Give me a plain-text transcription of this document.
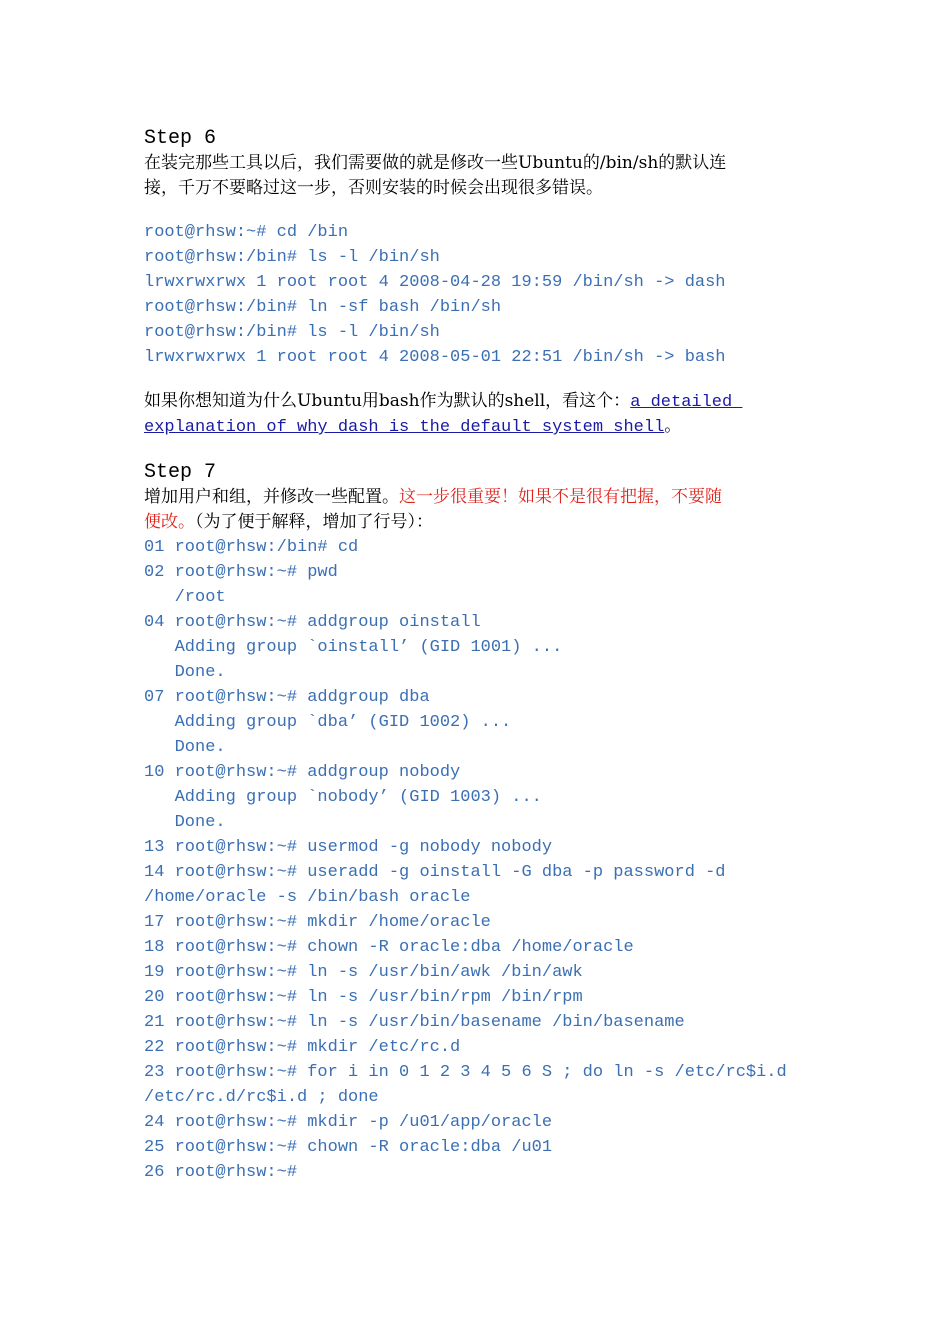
Step 6
在装完那些工具以后，我们需要做的就是修改一些Ubuntu的/bin/sh的默认连
接，千万不要略过这一步，否则安装的时候会出现很多错误。
root@rhsw:~# cd /bin
root@rhsw:/bin# ls -l /bin/sh
lrwxrwxrwx 1 root root 4 2008-04-28 19:59 /bin/sh -> dash
root@rhsw:/bin# ln -sf bash /bin/sh
root@rhsw:/bin# ls -l /bin/sh
lrwxrwxrwx 1 root root 4 2008-05-01 22:51 /bin/sh -> bash
如果你想知道为什么Ubuntu用bash作为默认的shell，看这个：a detailed
explanation of why dash is the default system shell。
Step 7
增加用户和组，并修改一些配置。这一步很重要！如果不是很有把握，不要随
便改。（为了便于解释，增加了行号）：
01 root@rhsw:/bin# cd
02 root@rhsw:~# pwd
/root
04 root@rhsw:~# addgroup oinstall
Adding group `oinstall’ (GID 1001) ...
Done.
07 root@rhsw:~# addgroup dba
Adding group `dba’ (GID 1002) ...
Done.
10 root@rhsw:~# addgroup nobody
Adding group `nobody’ (GID 1003) ...
Done.
13 root@rhsw:~# usermod -g nobody nobody
14 root@rhsw:~# useradd -g oinstall -G dba -p password -d
/home/oracle -s /bin/bash oracle
17 root@rhsw:~# mkdir /home/oracle
18 root@rhsw:~# chown -R oracle:dba /home/oracle
19 root@rhsw:~# ln -s /usr/bin/awk /bin/awk
20 root@rhsw:~# ln -s /usr/bin/rpm /bin/rpm
21 root@rhsw:~# ln -s /usr/bin/basename /bin/basename
22 root@rhsw:~# mkdir /etc/rc.d
23 root@rhsw:~# for i in 0 1 2 3 4 5 6 S ; do ln -s /etc/rc$i.d
/etc/rc.d/rc$i.d ; done
24 root@rhsw:~# mkdir -p /u01/app/oracle
25 root@rhsw:~# chown -R oracle:dba /u01
26 root@rhsw:~#
